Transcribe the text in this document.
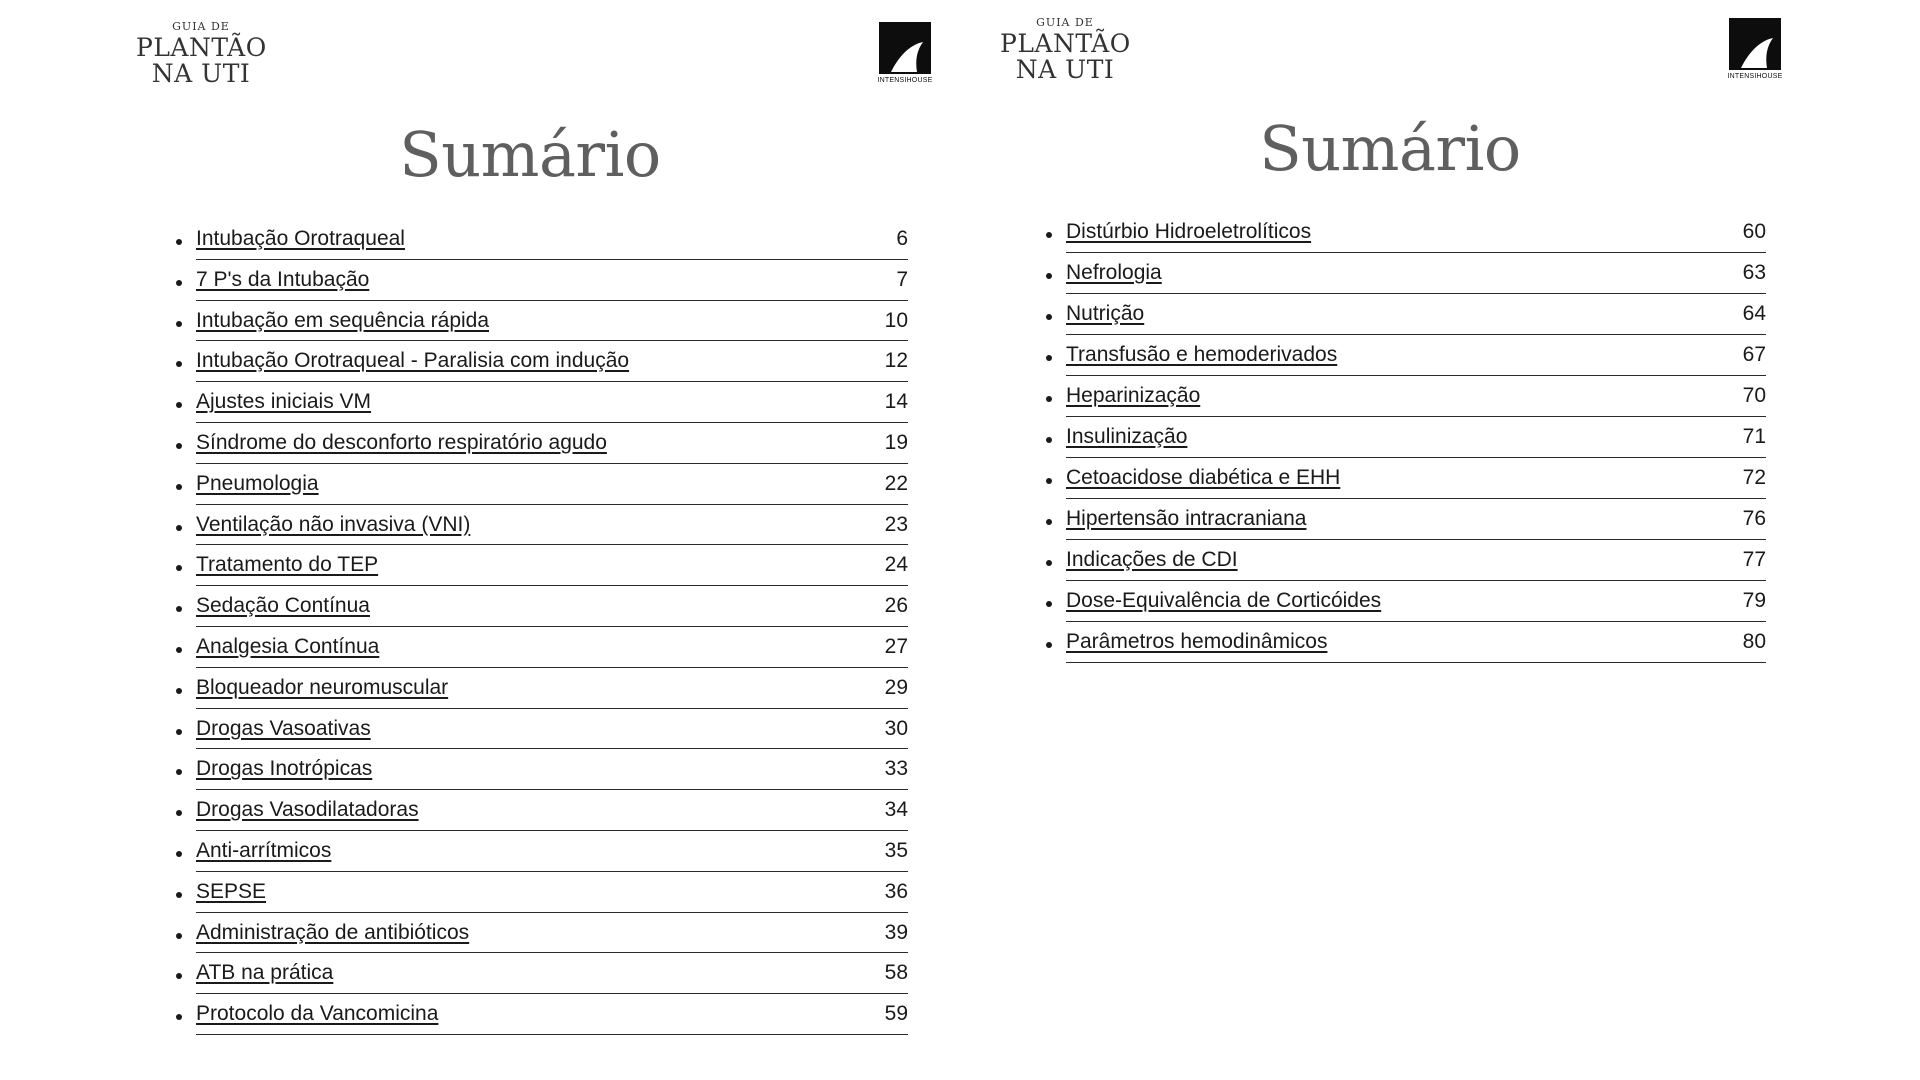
GUIA DE
PLANTÃO
NA UTI	INTENSIHOUSE
Sumário
Intubação Orotraqueal	6
7 P's da Intubação	7
Intubação em sequência rápida	10
Intubação Orotraqueal - Paralisia com indução	12
Ajustes iniciais VM	14
Síndrome do desconforto respiratório agudo	19
Pneumologia	22
Ventilação não invasiva (VNI)	23
Tratamento do TEP	24
Sedação Contínua	26
Analgesia Contínua	27
Bloqueador neuromuscular	29
Drogas Vasoativas	30
Drogas Inotrópicas	33
Drogas Vasodilatadoras	34
Anti-arrítmicos	35
SEPSE	36
Administração de antibióticos	39
ATB na prática	58
Protocolo da Vancomicina	59
GUIA DE
PLANTÃO
NA UTI	INTENSIHOUSE
Sumário
Distúrbio Hidroeletrolíticos	60
Nefrologia	63
Nutrição	64
Transfusão e hemoderivados	67
Heparinização	70
Insulinização	71
Cetoacidose diabética e EHH	72
Hipertensão intracraniana	76
Indicações de CDI	77
Dose-Equivalência de Corticóides	79
Parâmetros hemodinâmicos	80
